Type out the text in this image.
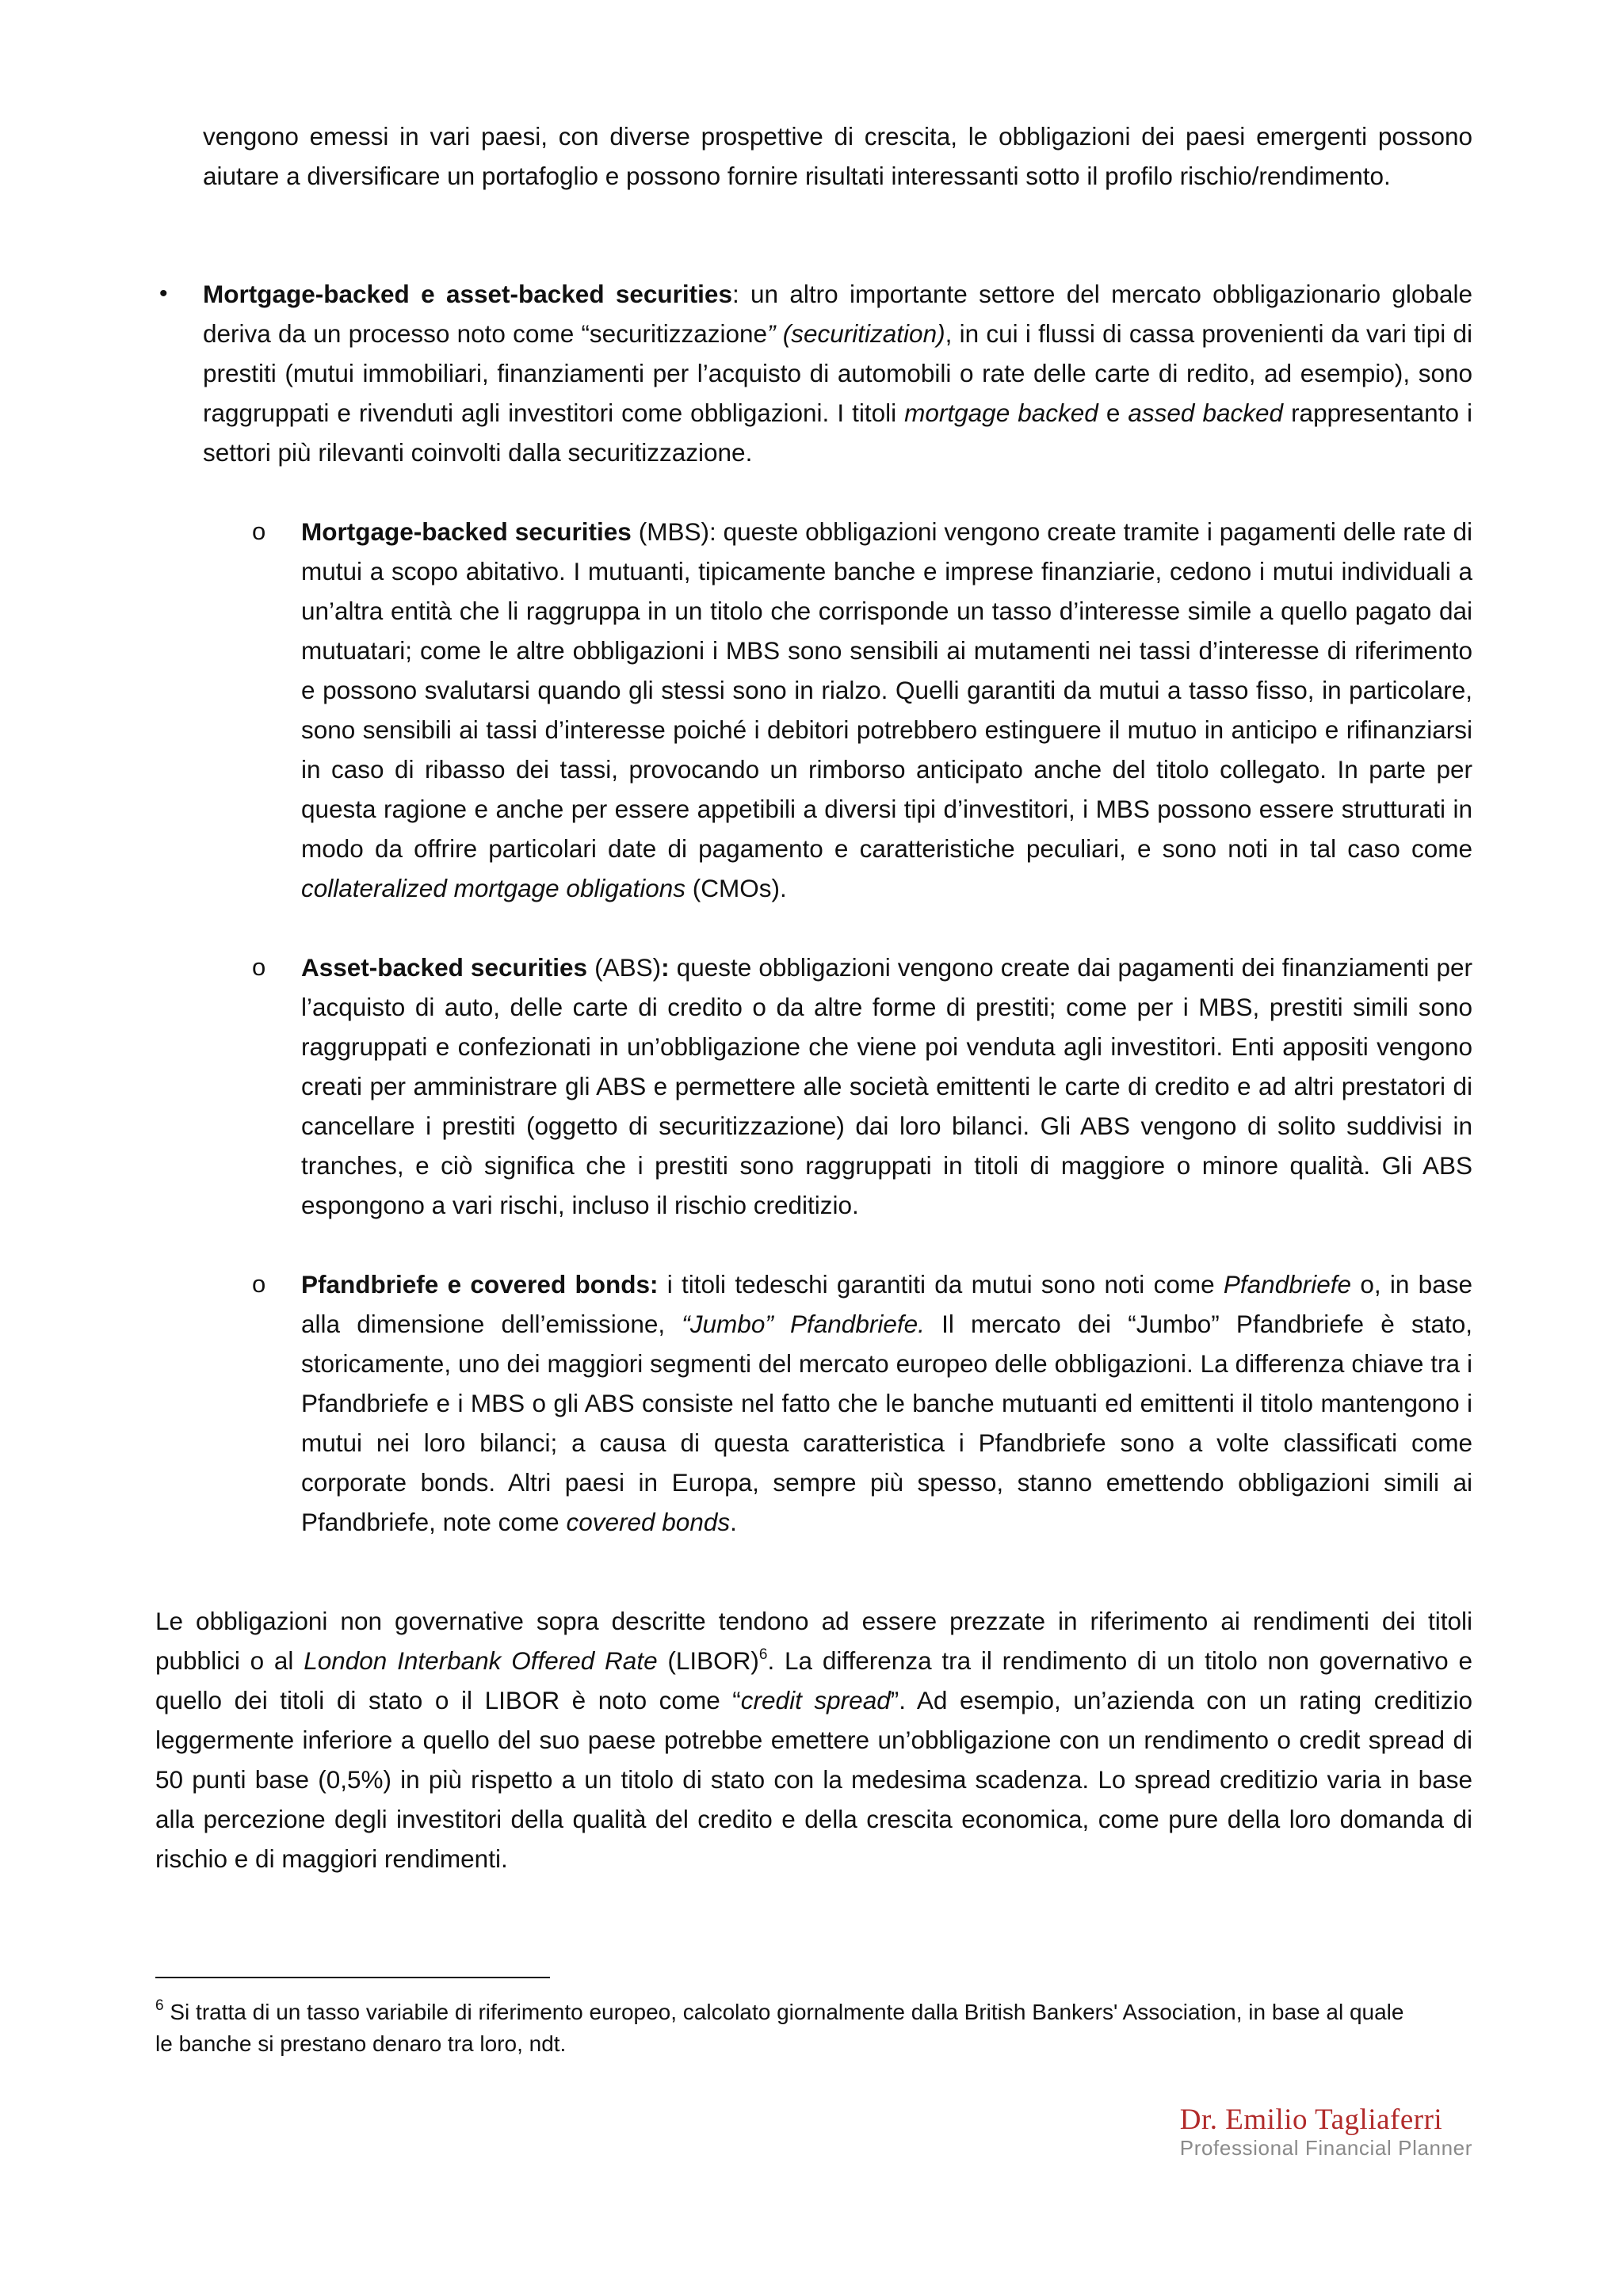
vengono emessi in vari paesi, con diverse prospettive di crescita, le obbligazioni dei paesi emergenti possono aiutare a diversificare un portafoglio e possono fornire risultati interessanti sotto il profilo rischio/rendimento.

• Mortgage-backed e asset-backed securities: un altro importante settore del mercato obbligazionario globale deriva da un processo noto come “securitizzazione” (securitization), in cui i flussi di cassa provenienti da vari tipi di prestiti (mutui immobiliari, finanziamenti per l’acquisto di automobili o rate delle carte di redito, ad esempio), sono raggruppati e rivenduti agli investitori come obbligazioni. I titoli mortgage backed e assed backed rappresentanto i settori più rilevanti coinvolti dalla securitizzazione.

o Mortgage-backed securities (MBS): queste obbligazioni vengono create tramite i pagamenti delle rate di mutui a scopo abitativo. I mutuanti, tipicamente banche e imprese finanziarie, cedono i mutui individuali a un’altra entità che li raggruppa in un titolo che corrisponde un tasso d’interesse simile a quello pagato dai mutuatari; come le altre obbligazioni i MBS sono sensibili ai mutamenti nei tassi d’interesse di riferimento e possono svalutarsi quando gli stessi sono in rialzo. Quelli garantiti da mutui a tasso fisso, in particolare, sono sensibili ai tassi d’interesse poiché i debitori potrebbero estinguere il mutuo in anticipo e rifinanziarsi in caso di ribasso dei tassi, provocando un rimborso anticipato anche del titolo collegato. In parte per questa ragione e anche per essere appetibili a diversi tipi d’investitori, i MBS possono essere strutturati in modo da offrire particolari date di pagamento e caratteristiche peculiari, e sono noti in tal caso come collateralized mortgage obligations (CMOs).

o Asset-backed securities (ABS): queste obbligazioni vengono create dai pagamenti dei finanziamenti per l’acquisto di auto, delle carte di credito o da altre forme di prestiti; come per i MBS, prestiti simili sono raggruppati e confezionati in un’obbligazione che viene poi venduta agli investitori. Enti appositi vengono creati per amministrare gli ABS e permettere alle società emittenti le carte di credito e ad altri prestatori di cancellare i prestiti (oggetto di securitizzazione) dai loro bilanci. Gli ABS vengono di solito suddivisi in tranches, e ciò significa che i prestiti sono raggruppati in titoli di maggiore o minore qualità. Gli ABS espongono a vari rischi, incluso il rischio creditizio.

o Pfandbriefe e covered bonds: i titoli tedeschi garantiti da mutui sono noti come Pfandbriefe o, in base alla dimensione dell’emissione, “Jumbo” Pfandbriefe. Il mercato dei “Jumbo” Pfandbriefe è stato, storicamente, uno dei maggiori segmenti del mercato europeo delle obbligazioni. La differenza chiave tra i Pfandbriefe e i MBS o gli ABS consiste nel fatto che le banche mutuanti ed emittenti il titolo mantengono i mutui nei loro bilanci; a causa di questa caratteristica i Pfandbriefe sono a volte classificati come corporate bonds. Altri paesi in Europa, sempre più spesso, stanno emettendo obbligazioni simili ai Pfandbriefe, note come covered bonds.

Le obbligazioni non governative sopra descritte tendono ad essere prezzate in riferimento ai rendimenti dei titoli pubblici o al London Interbank Offered Rate (LIBOR)$^6$. La differenza tra il rendimento di un titolo non governativo e quello dei titoli di stato o il LIBOR è noto come “credit spread”. Ad esempio, un’azienda con un rating creditizio leggermente inferiore a quello del suo paese potrebbe emettere un’obbligazione con un rendimento o credit spread di 50 punti base (0,5%) in più rispetto a un titolo di stato con la medesima scadenza. Lo spread creditizio varia in base alla percezione degli investitori della qualità del credito e della crescita economica, come pure della loro domanda di rischio e di maggiori rendimenti.

$^6$ Si tratta di un tasso variabile di riferimento europeo, calcolato giornalmente dalla British Bankers' Association, in base al quale
le banche si prestano denaro tra loro, ndt.

Dr. Emilio Tagliaferri
Professional Financial Planner
